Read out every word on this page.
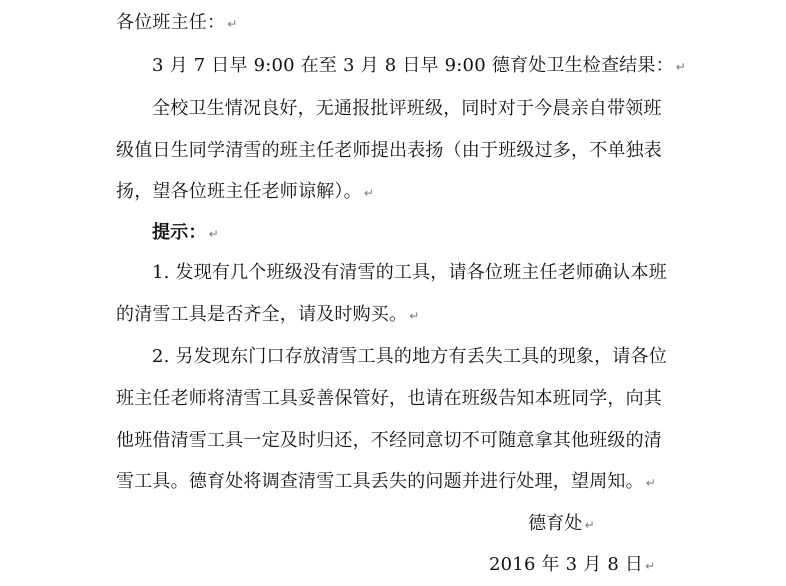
各位班主任： ↵
3 月 7 日早 9:00 在至 3 月 8 日早 9:00 德育处卫生检查结果： ↵
全校卫生情况良好，无通报批评班级，同时对于今晨亲自带领班
级值日生同学清雪的班主任老师提出表扬（由于班级过多，不单独表
扬，望各位班主任老师谅解）。 ↵
提示： ↵
1. 发现有几个班级没有清雪的工具，请各位班主任老师确认本班
的清雪工具是否齐全，请及时购买。 ↵
2. 另发现东门口存放清雪工具的地方有丢失工具的现象，请各位
班主任老师将清雪工具妥善保管好，也请在班级告知本班同学，向其
他班借清雪工具一定及时归还，不经同意切不可随意拿其他班级的清
雪工具。德育处将调查清雪工具丢失的问题并进行处理，望周知。 ↵
德育处 ↵
2016 年 3 月 8 日 ↵
